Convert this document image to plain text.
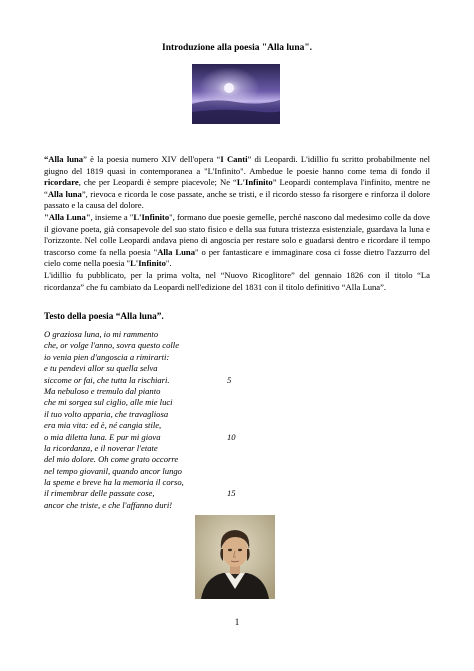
Introduzione alla poesia "Alla luna".

“Alla luna” è la poesia numero XIV dell'opera “I Canti” di Leopardi. L'idillio fu scritto probabilmente nel giugno del 1819 quasi in contemporanea a "L'Infinito". Ambedue le poesie hanno come tema di fondo il ricordare, che per Leopardi è sempre piacevole; Ne “L'Infinito” Leopardi contemplava l'infinito, mentre ne “Alla luna”, rievoca e ricorda le cose passate, anche se tristi, e il ricordo stesso fa risorgere e rinforza il dolore passato e la causa del dolore.

"Alla Luna", insieme a "L'Infinito", formano due poesie gemelle, perché nascono dal medesimo colle da dove il giovane poeta, già consapevole del suo stato fisico e della sua futura tristezza esistenziale, guardava la luna e l'orizzonte. Nel colle Leopardi andava pieno di angoscia per restare solo e guadarsi dentro e ricordare il tempo trascorso come fa nella poesia "Alla Luna" o per fantasticare e immaginare cosa ci fosse dietro l'azzurro del cielo come nella poesia "L'Infinito".

L'idillio fu pubblicato, per la prima volta, nel “Nuovo Ricoglitore” del gennaio 1826 con il titolo “La ricordanza” che fu cambiato da Leopardi nell'edizione del 1831 con il titolo definitivo “Alla Luna”.

Testo della poesia “Alla luna”.
O graziosa luna, io mi rammento
che, or volge l'anno, sovra questo colle
io venia pien d'angoscia a rimirarti:
e tu pendevi allor su quella selva
siccome or fai, che tutta la rischiari.	5
Ma nebuloso e tremulo dal pianto
che mi sorgea sul ciglio, alle mie luci
il tuo volto apparia, che travagliosa
era mia vita: ed è, né cangia stile,
o mia diletta luna. E pur mi giova	10
la ricordanza, e il noverar l'etate
del mio dolore. Oh come grato occorre
nel tempo giovanil, quando ancor lungo
la speme e breve ha la memoria il corso,
il rimembrar delle passate cose,	15
ancor che triste, e che l'affanno duri!
1
